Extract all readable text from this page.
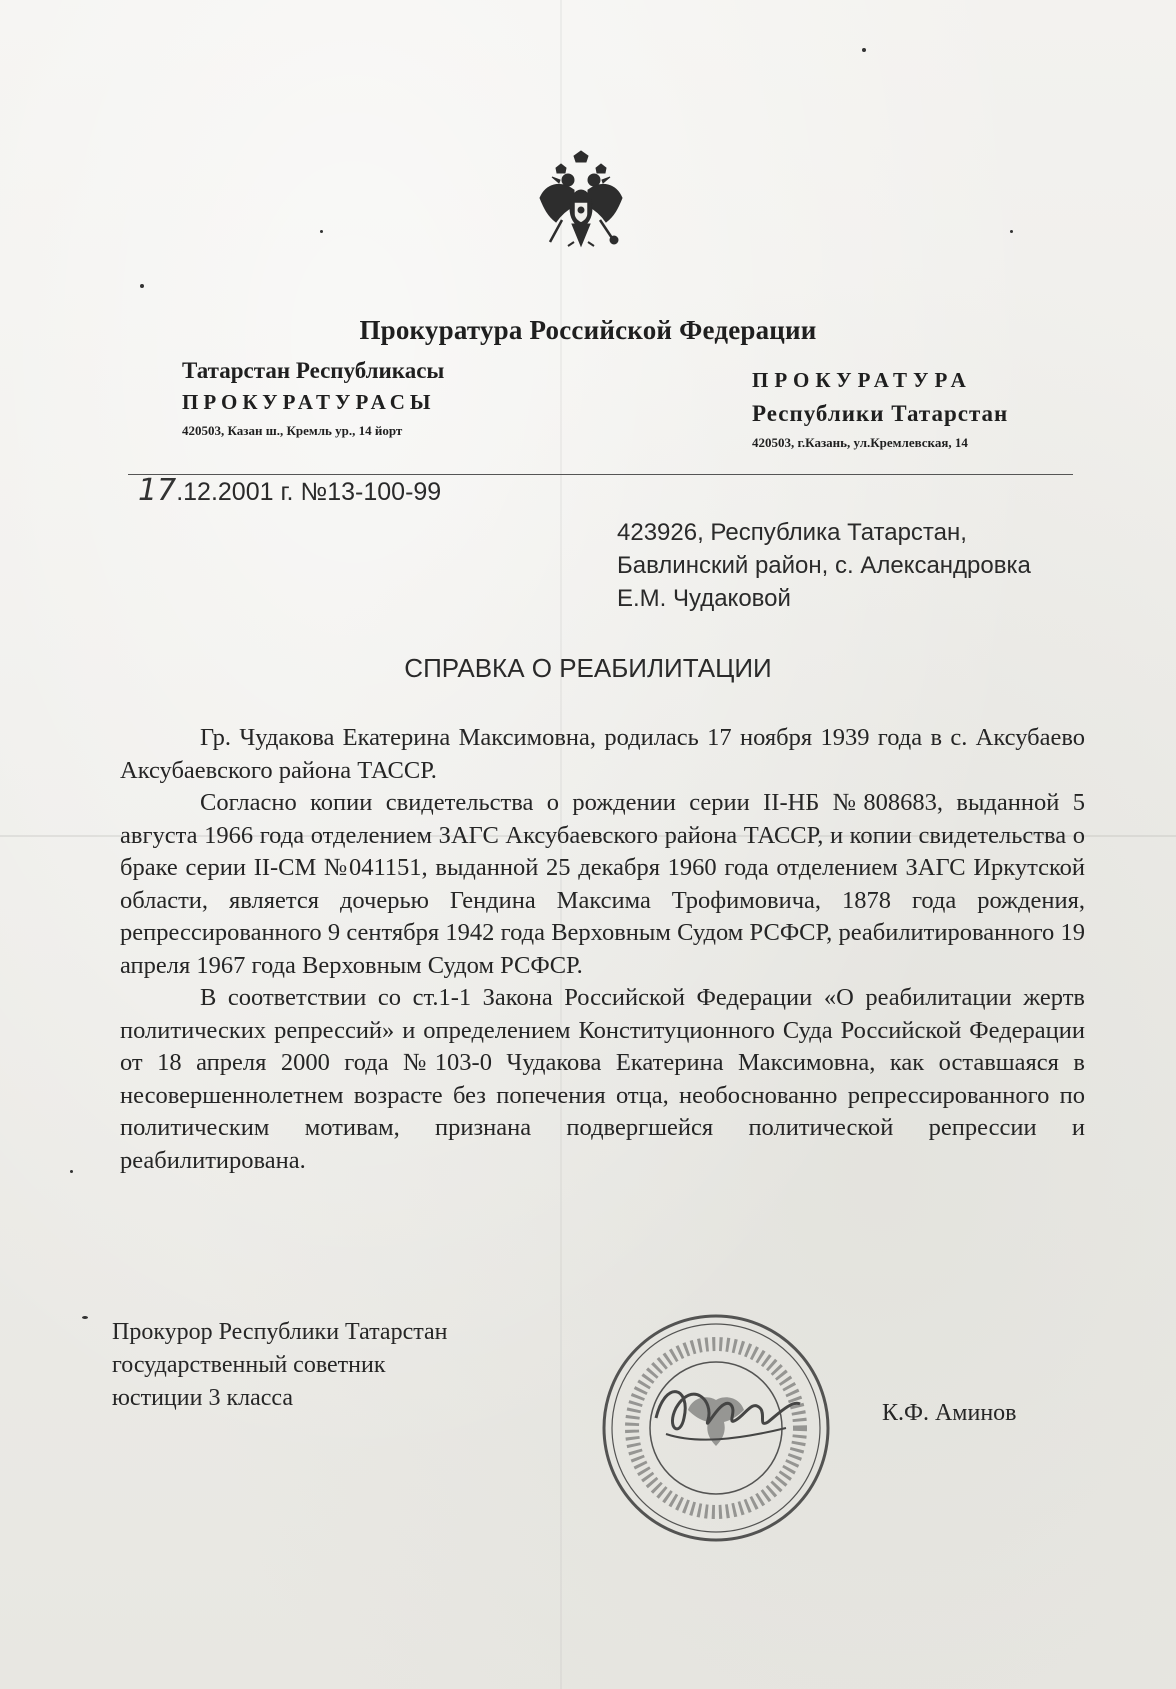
Прокуратура Российской Федерации
Татарстан Республикасы
ПРОКУРАТУРАСЫ
420503, Казан ш., Кремль ур., 14 йорт
ПРОКУРАТУРА
Республики Татарстан
420503, г.Казань, ул.Кремлевская, 14
17.12.2001 г. №13-100-99
423926, Республика Татарстан,
Бавлинский район, с. Александровка
Е.М. Чудаковой
СПРАВКА О РЕАБИЛИТАЦИИ

Гр. Чудакова Екатерина Максимовна, родилась 17 ноября 1939 года в с. Аксубаево Аксубаевского района ТАССР.

Согласно копии свидетельства о рождении серии II-НБ №808683, выданной 5 августа 1966 года отделением ЗАГС Аксубаевского района ТАССР, и копии свидетельства о браке серии II-СМ №041151, выданной 25 декабря 1960 года отделением ЗАГС Иркутской области, является дочерью Гендина Максима Трофимовича, 1878 года рождения, репрессированного 9 сентября 1942 года Верховным Судом РСФСР, реабилитированного 19 апреля 1967 года Верховным Судом РСФСР.

В соответствии со ст.1-1 Закона Российской Федерации «О реабилитации жертв политических репрессий» и определением Конституционного Суда Российской Федерации от 18 апреля 2000 года №103-0 Чудакова Екатерина Максимовна, как оставшаяся в несовершеннолетнем возрасте без попечения отца, необоснованно репрессированного по политическим мотивам, признана подвергшейся политической репрессии и реабилитирована.

Прокурор Республики Татарстан
государственный советник
юстиции 3 класса
К.Ф. Аминов
